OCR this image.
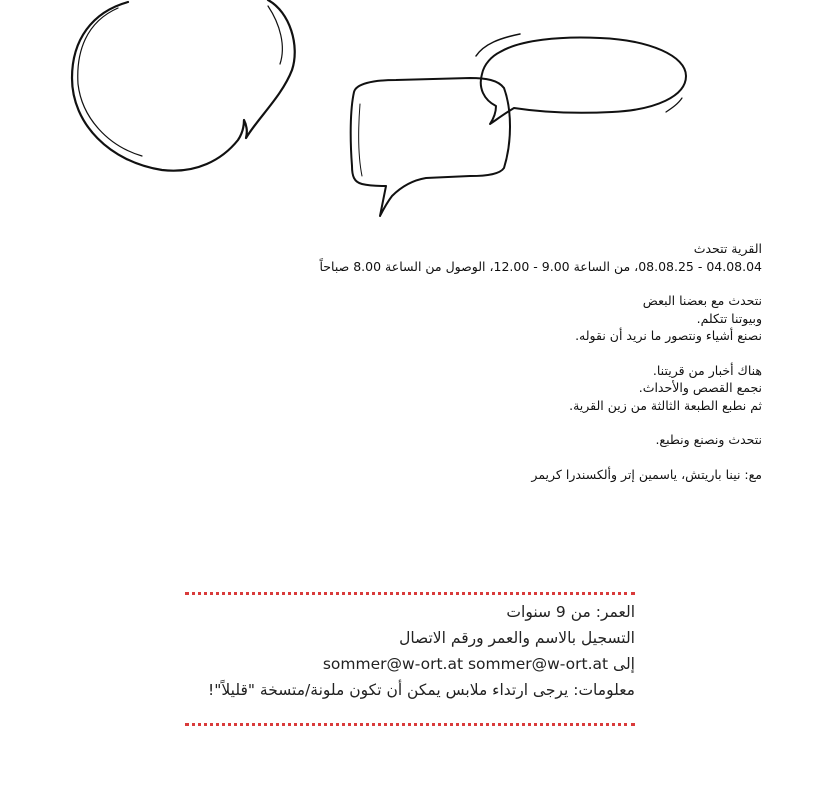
القرية تتحدث

04.08.04 - 08.08.25، من الساعة 9.00 - 12.00، الوصول من الساعة 8.00 صباحاً

نتحدث مع بعضنا البعض

وبيوتنا تتكلم.

نصنع أشياء ونتصور ما نريد أن نقوله.

هناك أخبار من قريتنا.

نجمع القصص والأحداث.

ثم نطبع الطبعة الثالثة من زين القرية.

نتحدث ونصنع ونطبع.

مع: نينا باريتش، ياسمين إتر وألكسندرا كريمر

العمر: من 9 سنوات
التسجيل بالاسم والعمر ورقم الاتصال
إلى sommer@w-ort.at sommer@w-ort.at
معلومات: يرجى ارتداء ملابس يمكن أن تكون ملونة/متسخة "قليلاً"!
